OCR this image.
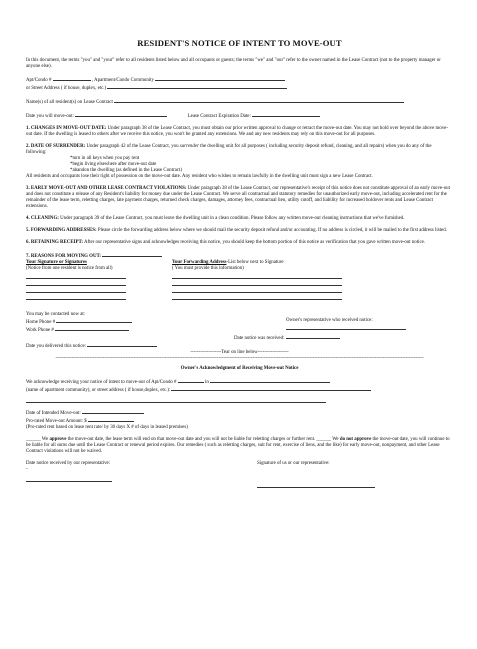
RESIDENT'S NOTICE OF INTENT TO MOVE-OUT

In this document, the terms "you" and "your" refer to all residents listed below and all occupants or guests; the terms "we" and "our" refer to the owner named in the Lease Contract (not to the property manager or anyone else).

Apt/Condo #	, Apartment/Condo Community

or Street Address ( if house, duplex, etc.)

Name(s) of all resident(s) on Lease Contract

Date you will move-out:	Lease Contract Expiration Date:

1. CHANGES IN MOVE-OUT DATE: Under paragraph 38 of the Lease Contract, you must obtain our prior written approval to change or retract the move-out date. You may not hold over beyond the above move-out date. If the dwelling is leased to others after we receive this notice, you won't be granted any extensions. We and any new residents may rely on this move-out for all purposes.

2. DATE OF SURRENDER: Under paragraph 42 of the Lease Contract, you surrender the dwelling unit for all purposes ( including security deposit refund, cleaning, and all repairs) when you do any of the following:

*turn in all keys when you pay rent

*begin living elsewhere after move-out date

*abandon the dwelling (as defined in the Lease Contract)

All residents and occupants lose their right of possession on the move-out date. Any resident who wishes to remain lawfully in the dwelling unit must sign a new Lease Contract.

3. EARLY MOVE-OUT AND OTHER LEASE CONTRACT VIOLATIONS: Under paragraph 38 of the Lease Contract, our representative's receipt of this notice does not constitute approval of an early move-out and does not constitute a release of any Resident's liability for money due under the Lease Contract. We serve all contractual and statutory remedies for unauthorized early move-out, including accelerated rent for the remainder of the lease term, reletting charges, late payment charges, returned check charges, damages, attorney fees, contractual lien, utility cutoff, and liability for increased holdover rents and Lease Contract extensions.

4. CLEANING: Under paragraph 39 of the Lease Contract, you must leave the dwelling unit in a clean condition. Please follow any written move-out cleaning instructions that we've furnished.

5. FORWARDING ADDRESSES: Please circle the forwarding address below where we should mail the security deposit refund and/or accounting. If no address is circled, it will be mailed to the first address listed.

6. RETAINING RECEIPT: After our representative signs and acknowledges receiving this notice, you should keep the bottom portion of this notice as verification that you gave written move-out notice.

7. REASONS FOR MOVING OUT:

Your Signature or Signatures

(Notice from one resident is notice from all)

Your Forwarding Address-List below next to Signature

( You must provide this information)

You may be contacted now at:

Home Phone #

Work Phone #

Owner's representative who received notice:

Date notice was received:

Date you delivered this notice:

-------------------Tear on line below-------------------

----------------------------------------------------------------------------------------------------------------------------------------------------------------------------------------------------------------------------------

Owner's Acknowledgment of Receiving Move-out Notice

We acknowledge receiving your notice of intent to move-out of Apt/Condo #	in

(name of apartment community), or street address ( if house,duplex, etc.):

Date of Intended Move-out:

Pro-rated Move-out Amount: $

(Pro-rated rent based on lease rent rate/ by 30 days X # of days in leased premises)

______ We approve the move-out date, the lease term will end on that move-out date and you will not be liable for reletting charges or further rent. ______ We do not approve the move-out date, you will continue to be liable for all sums due until the Lease Contract or renewal period expires. Our remedies ( such as reletting charges, suit for rent, exercise of liens, and the like) for early move-out, nonpayment, and other Lease Contract violations will not be waived.

Date notice received by our representative:

-

Signature of us or our representative:
